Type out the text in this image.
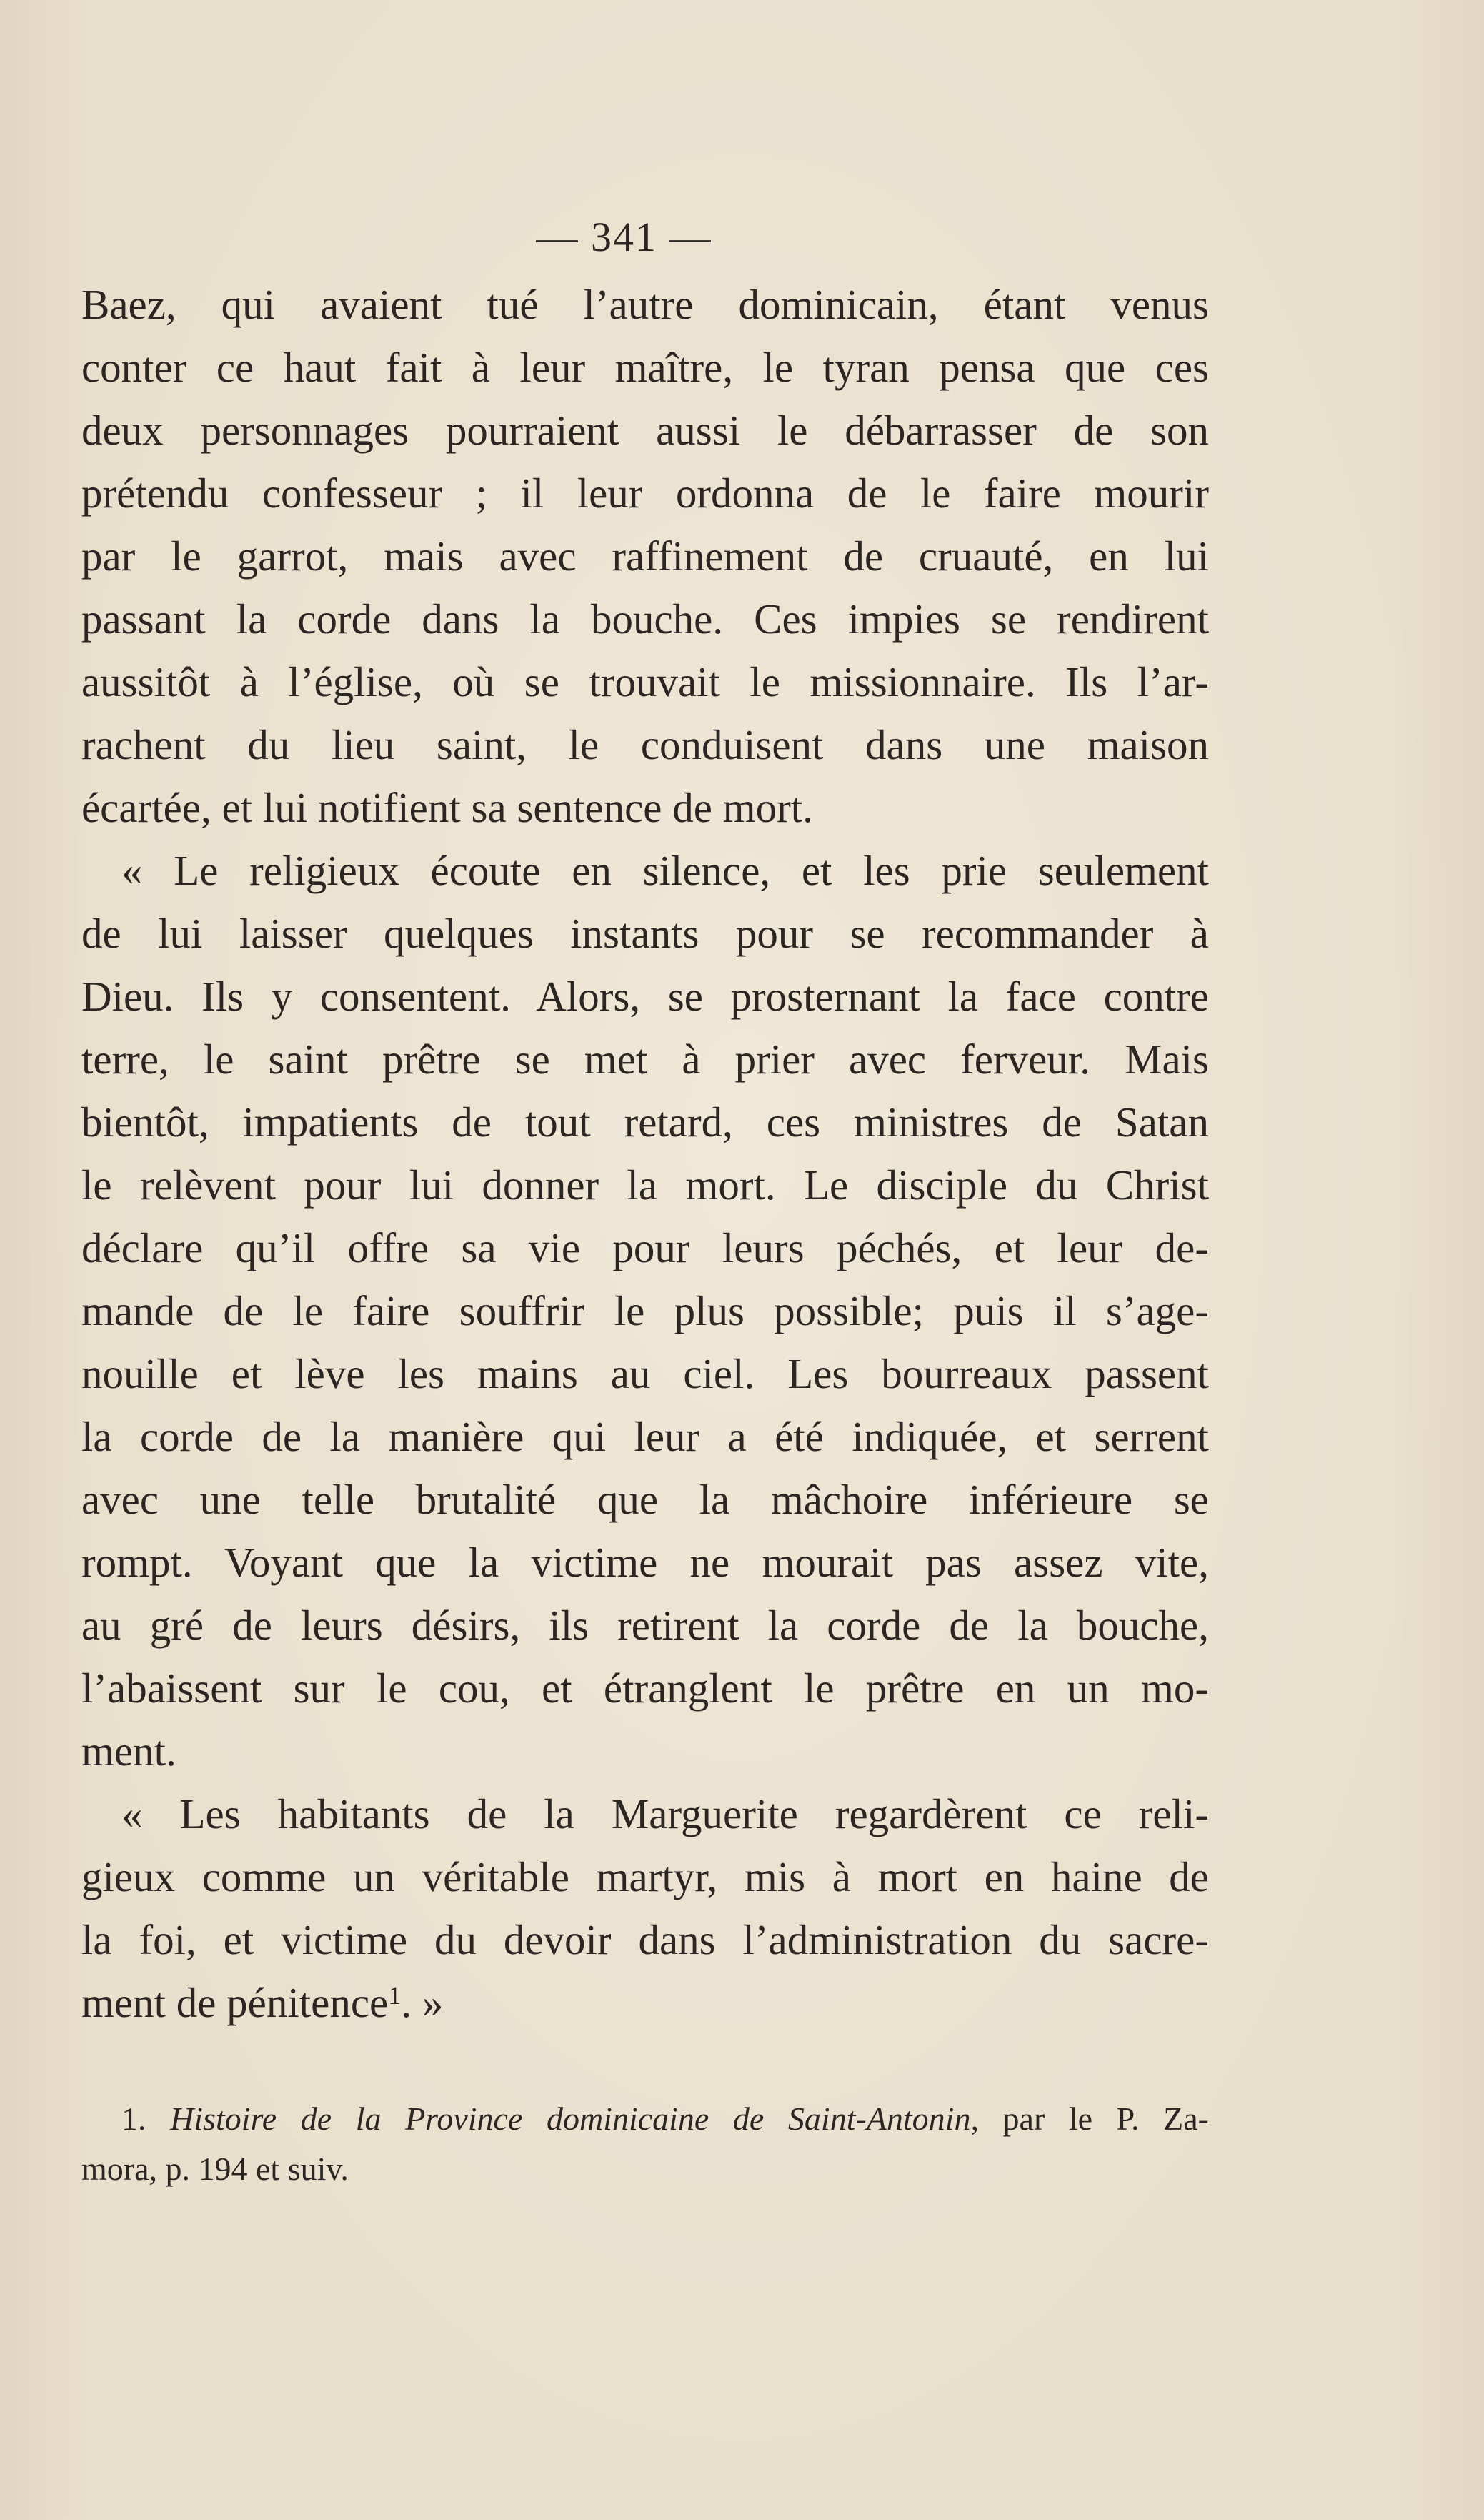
— 341 —
Baez, qui avaient tué l’autre dominicain, étant venus
conter ce haut fait à leur maître, le tyran pensa que ces
deux personnages pourraient aussi le débarrasser de son
prétendu confesseur ; il leur ordonna de le faire mourir
par le garrot, mais avec raffinement de cruauté, en lui
passant la corde dans la bouche. Ces impies se rendirent
aussitôt à l’église, où se trouvait le missionnaire. Ils l’ar-
rachent du lieu saint, le conduisent dans une maison
écartée, et lui notifient sa sentence de mort.
« Le religieux écoute en silence, et les prie seulement
de lui laisser quelques instants pour se recommander à
Dieu. Ils y consentent. Alors, se prosternant la face contre
terre, le saint prêtre se met à prier avec ferveur. Mais
bientôt, impatients de tout retard, ces ministres de Satan
le relèvent pour lui donner la mort. Le disciple du Christ
déclare qu’il offre sa vie pour leurs péchés, et leur de-
mande de le faire souffrir le plus possible; puis il s’age-
nouille et lève les mains au ciel. Les bourreaux passent
la corde de la manière qui leur a été indiquée, et serrent
avec une telle brutalité que la mâchoire inférieure se
rompt. Voyant que la victime ne mourait pas assez vite,
au gré de leurs désirs, ils retirent la corde de la bouche,
l’abaissent sur le cou, et étranglent le prêtre en un mo-
ment.
« Les habitants de la Marguerite regardèrent ce reli-
gieux comme un véritable martyr, mis à mort en haine de
la foi, et victime du devoir dans l’administration du sacre-
ment de pénitence$^1$. »
1. Histoire de la Province dominicaine de Saint-Antonin, par le P. Za-
mora, p. 194 et suiv.
